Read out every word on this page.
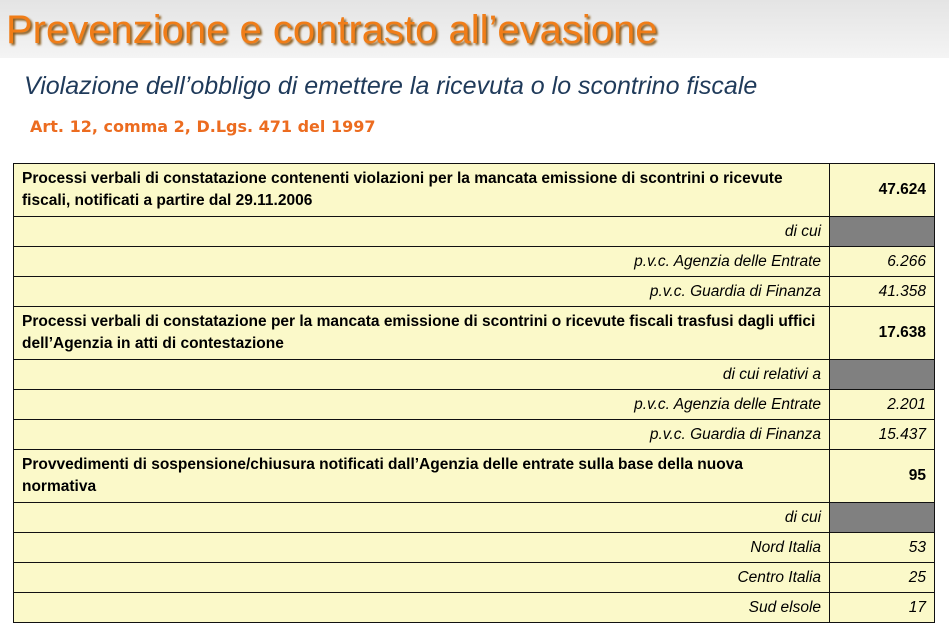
Prevenzione e contrasto all’evasione
Violazione dell’obbligo di emettere la ricevuta o lo scontrino fiscale
Art. 12, comma 2, D.Lgs. 471 del 1997
Processi verbali di constatazione contenenti violazioni per la mancata emissione di scontrini o ricevute fiscali, notificati a partire dal 29.11.2006	47.624
di cui	
p.v.c. Agenzia delle Entrate	6.266
p.v.c. Guardia di Finanza	41.358
Processi verbali di constatazione per la mancata emissione di scontrini o ricevute fiscali trasfusi dagli uffici dell’Agenzia in atti di contestazione	17.638
di cui relativi a	
p.v.c. Agenzia delle Entrate	2.201
p.v.c. Guardia di Finanza	15.437
Provvedimenti di sospensione/chiusura notificati dall’Agenzia delle entrate sulla base della nuova normativa	95
di cui	
Nord Italia	53
Centro Italia	25
Sud elsole	17
